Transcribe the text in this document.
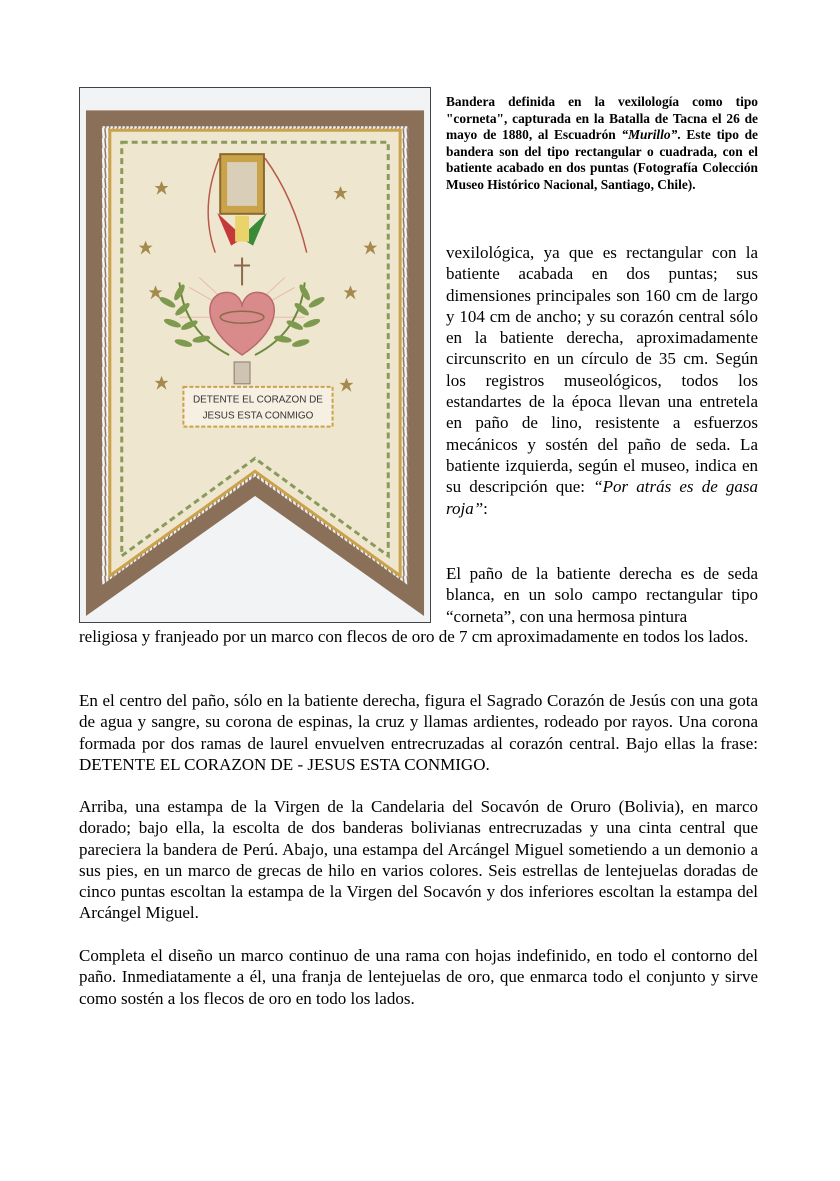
DETENTE EL CORAZON DE
JESUS ESTA CONMIGO
Bandera definida en la vexilología como tipo "corneta", capturada en la Batalla de Tacna el 26 de mayo de 1880, al Escuadrón “Murillo”. Este tipo de bandera son del tipo rectangular o cuadrada, con el batiente acabado en dos puntas (Fotografía Colección Museo Histórico Nacional, Santiago, Chile).

vexilológica, ya que es rectangular con la batiente acabada en dos puntas; sus dimensiones principales son 160 cm de largo y 104 cm de ancho; y su corazón central sólo en la batiente derecha, aproximadamente circunscrito en un círculo de 35 cm. Según los registros museológicos, todos los estandartes de la época llevan una entretela en paño de lino, resistente a esfuerzos mecánicos y sostén del paño de seda. La batiente izquierda, según el museo, indica en su descripción que: “Por atrás es de gasa roja”:

El paño de la batiente derecha es de seda blanca, en un solo campo rectangular tipo “corneta”, con una hermosa pintura

religiosa y franjeado por un marco con flecos de oro de 7 cm aproximadamente en todos los lados.

En el centro del paño, sólo en la batiente derecha, figura el Sagrado Corazón de Jesús con una gota de agua y sangre, su corona de espinas, la cruz y llamas ardientes, rodeado por rayos. Una corona formada por dos ramas de laurel envuelven entrecruzadas al corazón central. Bajo ellas la frase: DETENTE EL CORAZON DE - JESUS ESTA CONMIGO.

Arriba, una estampa de la Virgen de la Candelaria del Socavón de Oruro (Bolivia), en marco dorado; bajo ella, la escolta de dos banderas bolivianas entrecruzadas y una cinta central que pareciera la bandera de Perú. Abajo, una estampa del Arcángel Miguel sometiendo a un demonio a sus pies, en un marco de grecas de hilo en varios colores. Seis estrellas de lentejuelas doradas de cinco puntas escoltan la estampa de la Virgen del Socavón y dos inferiores escoltan la estampa del Arcángel Miguel.

Completa el diseño un marco continuo de una rama con hojas indefinido, en todo el contorno del paño. Inmediatamente a él, una franja de lentejuelas de oro, que enmarca todo el conjunto y sirve como sostén a los flecos de oro en todo los lados.
